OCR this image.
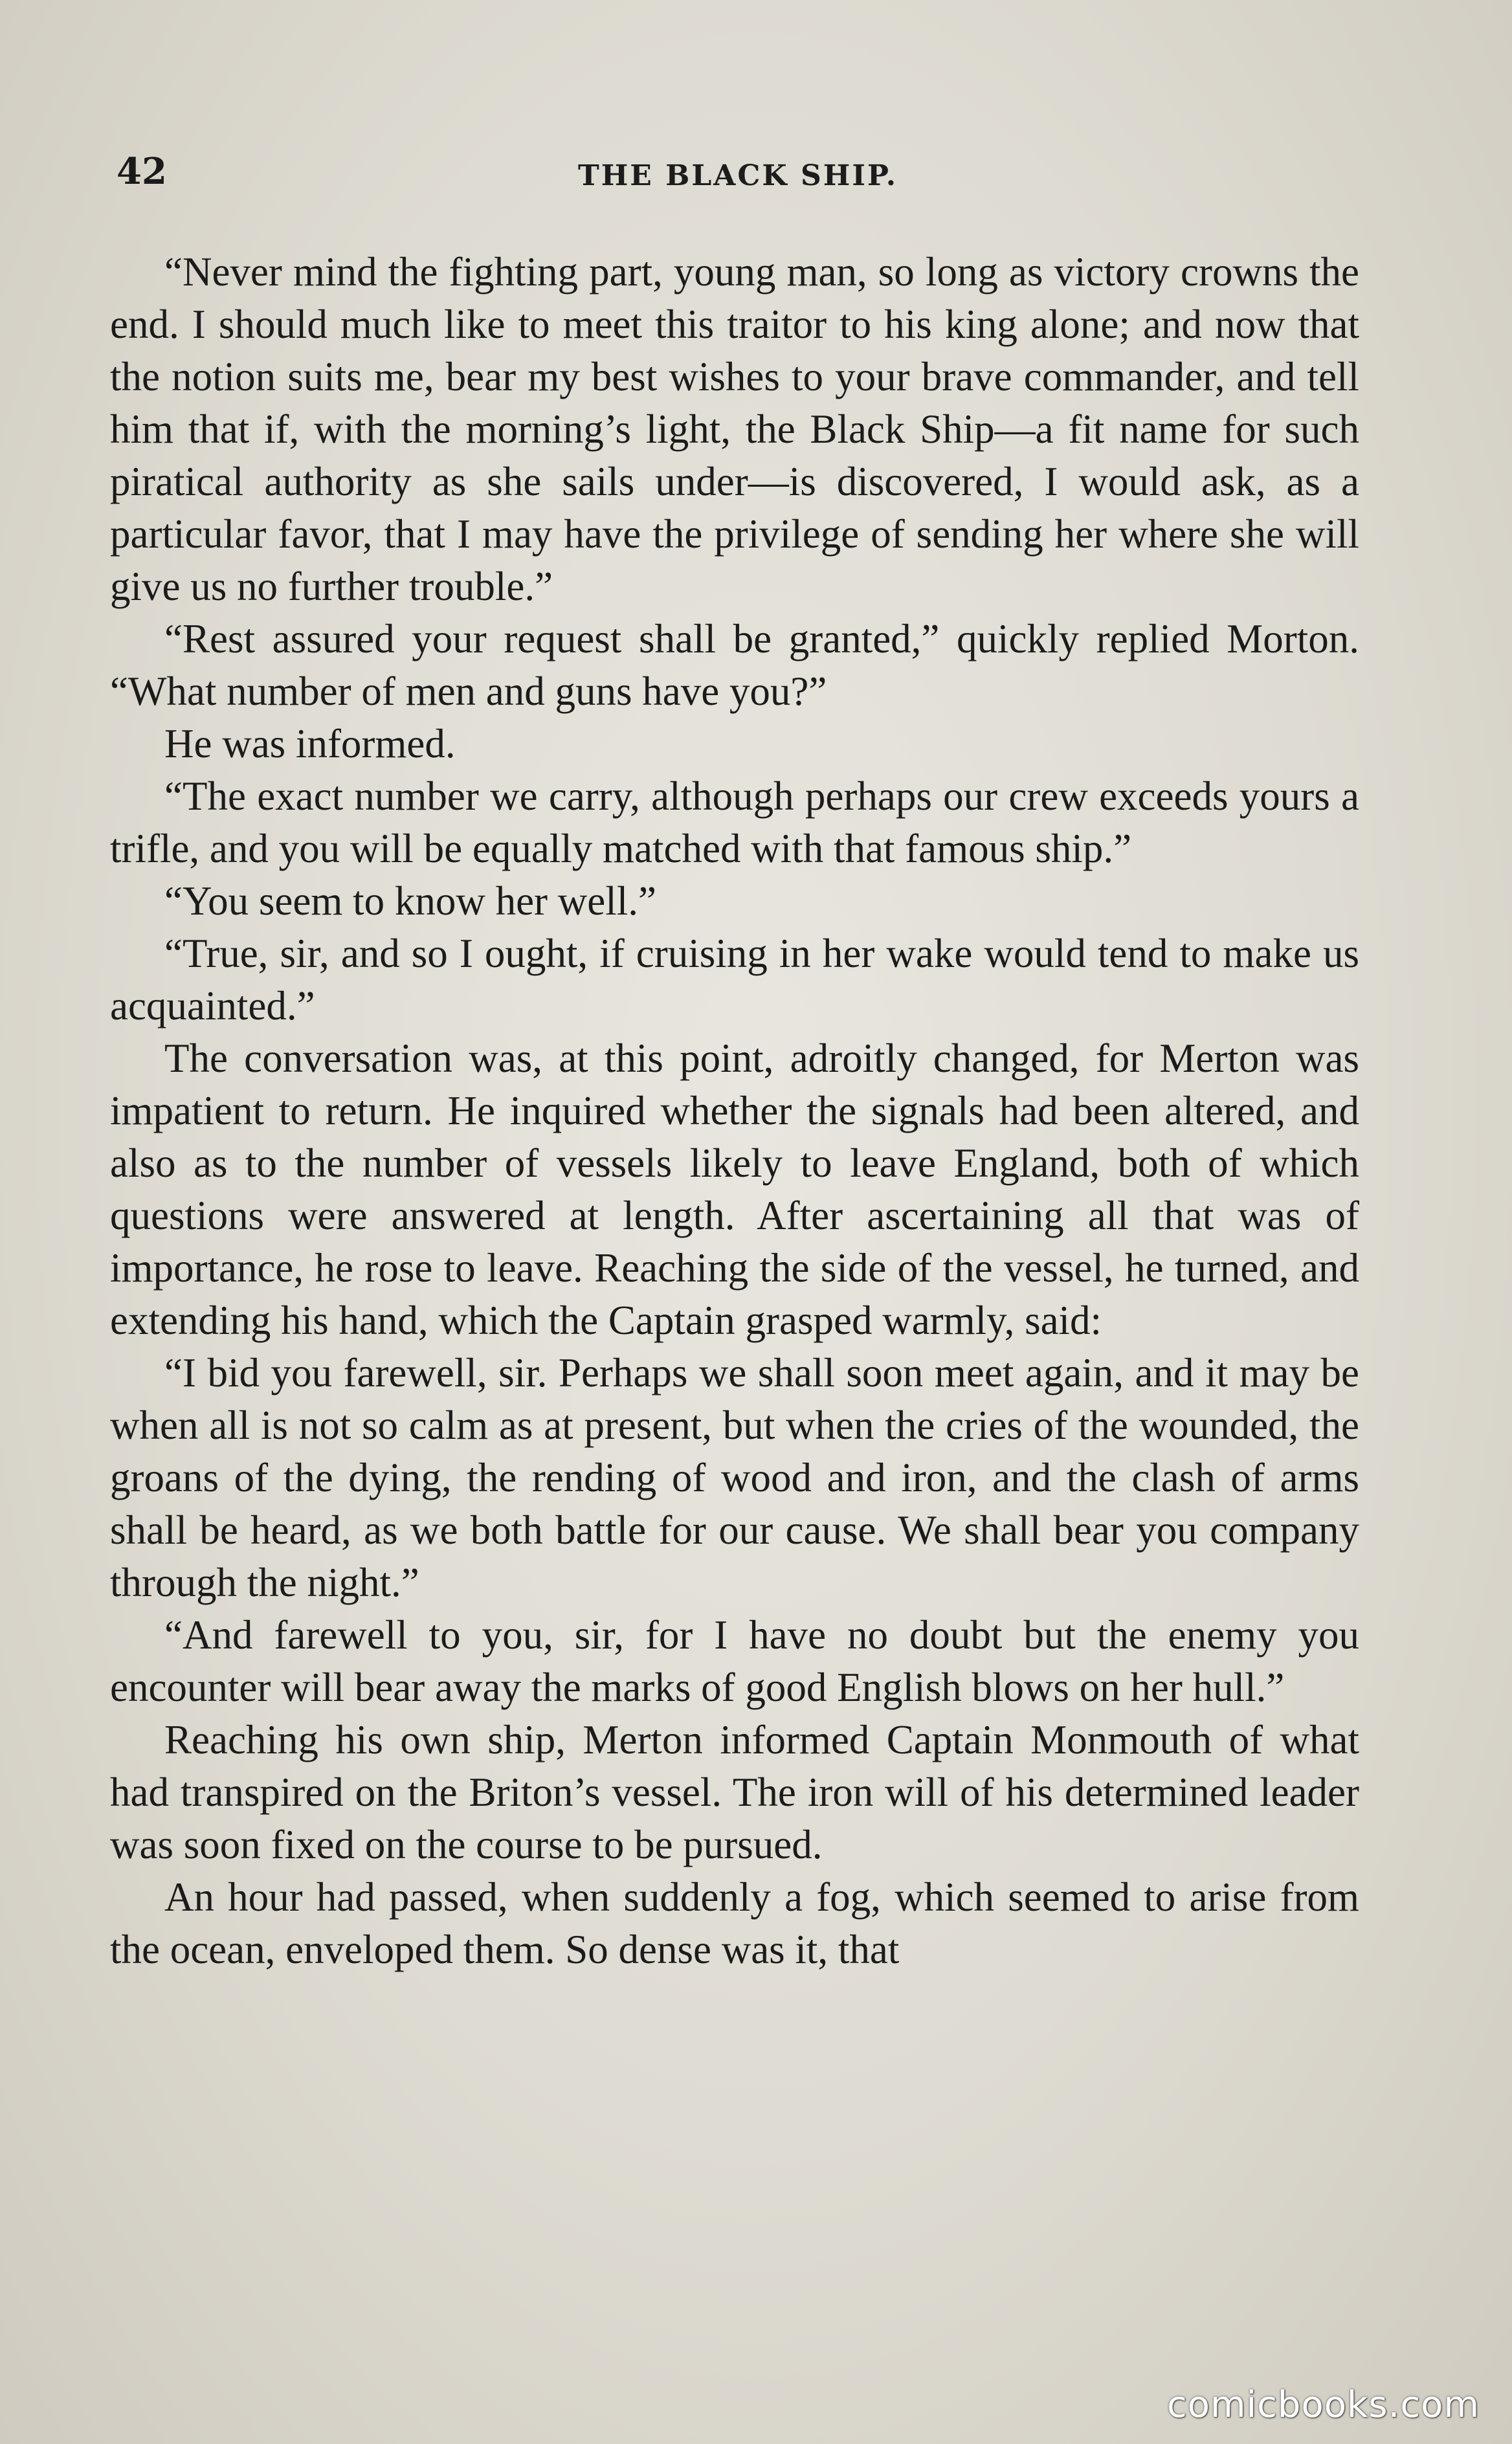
42	THE BLACK SHIP.

“Never mind the fighting part, young man, so long as victory crowns the end. I should much like to meet this traitor to his king alone; and now that the notion suits me, bear my best wishes to your brave commander, and tell him that if, with the morning’s light, the Black Ship—a fit name for such piratical authority as she sails under—is discovered, I would ask, as a particular favor, that I may have the privilege of sending her where she will give us no further trouble.”

“Rest assured your request shall be granted,” quickly replied Morton. “What number of men and guns have you?”

He was informed.

“The exact number we carry, although perhaps our crew exceeds yours a trifle, and you will be equally matched with that famous ship.”

“You seem to know her well.”

“True, sir, and so I ought, if cruising in her wake would tend to make us acquainted.”

The conversation was, at this point, adroitly changed, for Merton was impatient to return. He inquired whether the signals had been altered, and also as to the number of vessels likely to leave England, both of which questions were answered at length. After ascertaining all that was of importance, he rose to leave. Reaching the side of the vessel, he turned, and extending his hand, which the Captain grasped warmly, said:

“I bid you farewell, sir. Perhaps we shall soon meet again, and it may be when all is not so calm as at present, but when the cries of the wounded, the groans of the dying, the rending of wood and iron, and the clash of arms shall be heard, as we both battle for our cause. We shall bear you company through the night.”

“And farewell to you, sir, for I have no doubt but the enemy you encounter will bear away the marks of good English blows on her hull.”

Reaching his own ship, Merton informed Captain Monmouth of what had transpired on the Briton’s vessel. The iron will of his determined leader was soon fixed on the course to be pursued.

An hour had passed, when suddenly a fog, which seemed to arise from the ocean, enveloped them. So dense was it, that

comicbooks.com
